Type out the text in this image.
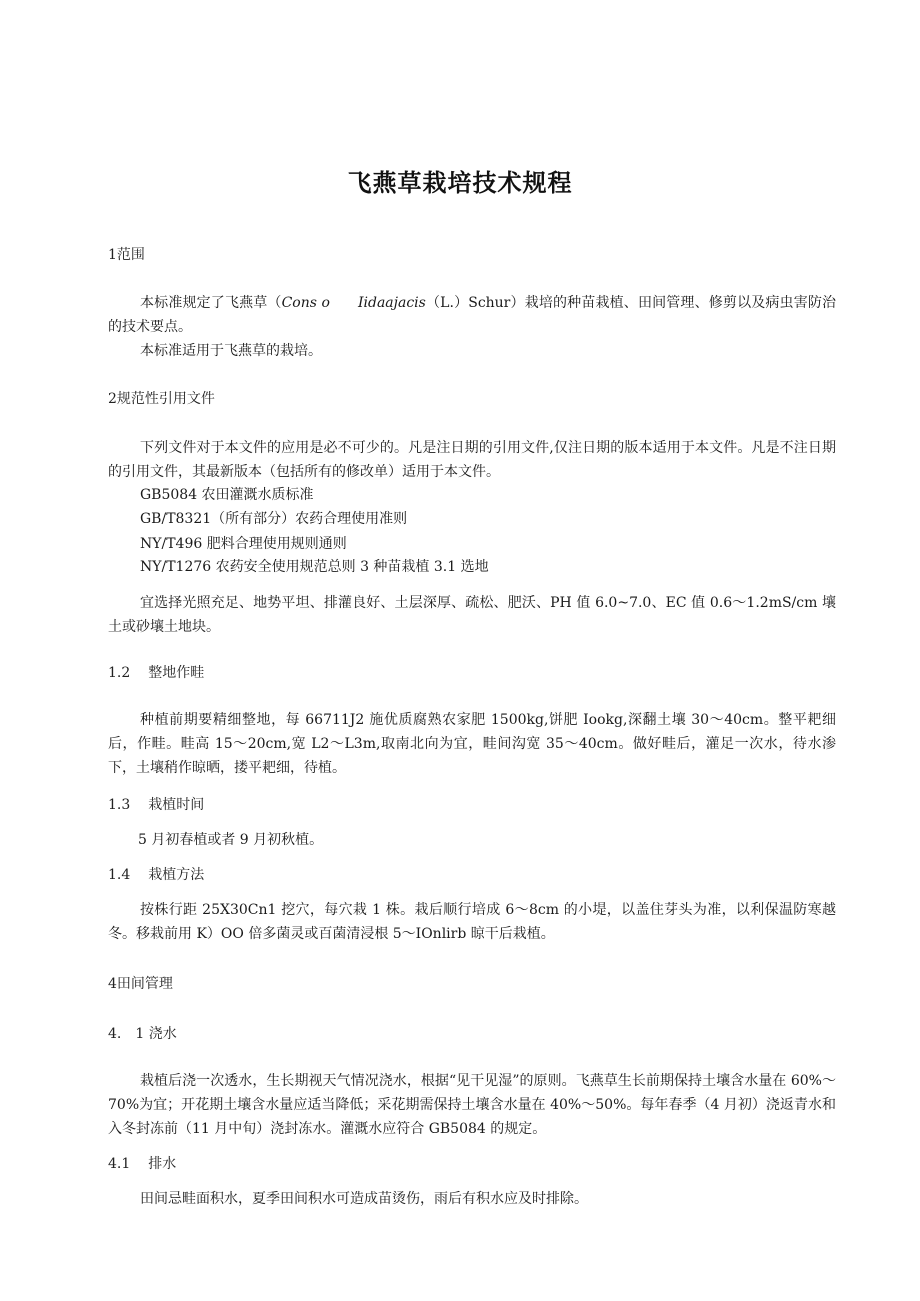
飞燕草栽培技术规程
1范围
本标准规定了飞燕草（Cons o Iidaajacis（L.）Schur）栽培的种苗栽植、田间管理、修剪以及病虫害防治的技术要点。
本标准适用于飞燕草的栽培。
2规范性引用文件
下列文件对于本文件的应用是必不可少的。凡是注日期的引用文件,仅注日期的版本适用于本文件。凡是不注日期的引用文件，其最新版本（包括所有的修改单）适用于本文件。
GB5084 农田灌溉水质标准
GB/T8321（所有部分）农药合理使用准则
NY/T496 肥料合理使用规则通则
NY/T1276 农药安全使用规范总则 3 种苗栽植 3.1 选地
宜选择光照充足、地势平坦、排灌良好、土层深厚、疏松、肥沃、PH 值 6.0~7.0、EC 值 0.6～1.2mS/cm 壤土或砂壤土地块。
1.2 整地作畦
种植前期要精细整地，每 66711J2 施优质腐熟农家肥 1500kg,饼肥 Iookg,深翻土壤 30～40cm。整平耙细后，作畦。畦高 15～20cm,宽 L2～L3m,取南北向为宜，畦间沟宽 35～40cm。做好畦后，灌足一次水，待水渗下，土壤稍作晾晒，搂平耙细，待植。
1.3 栽植时间
5 月初春植或者 9 月初秋植。
1.4 栽植方法
按株行距 25X30Cn1 挖穴，每穴栽 1 株。栽后顺行培成 6～8cm 的小堤，以盖住芽头为准，以利保温防寒越冬。移栽前用 K）OO 倍多菌灵或百菌清浸根 5～IOnlirb 晾干后栽植。
4田间管理
4. 1 浇水
栽植后浇一次透水，生长期视天气情况浇水，根据“见干见湿”的原则。飞燕草生长前期保持土壤含水量在 60%～70%为宜；开花期土壤含水量应适当降低；采花期需保持土壤含水量在 40%～50%。每年春季（4 月初）浇返青水和入冬封冻前（11 月中旬）浇封冻水。灌溉水应符合 GB5084 的规定。
4.1 排水
田间忌畦面积水，夏季田间积水可造成苗烫伤，雨后有积水应及时排除。
